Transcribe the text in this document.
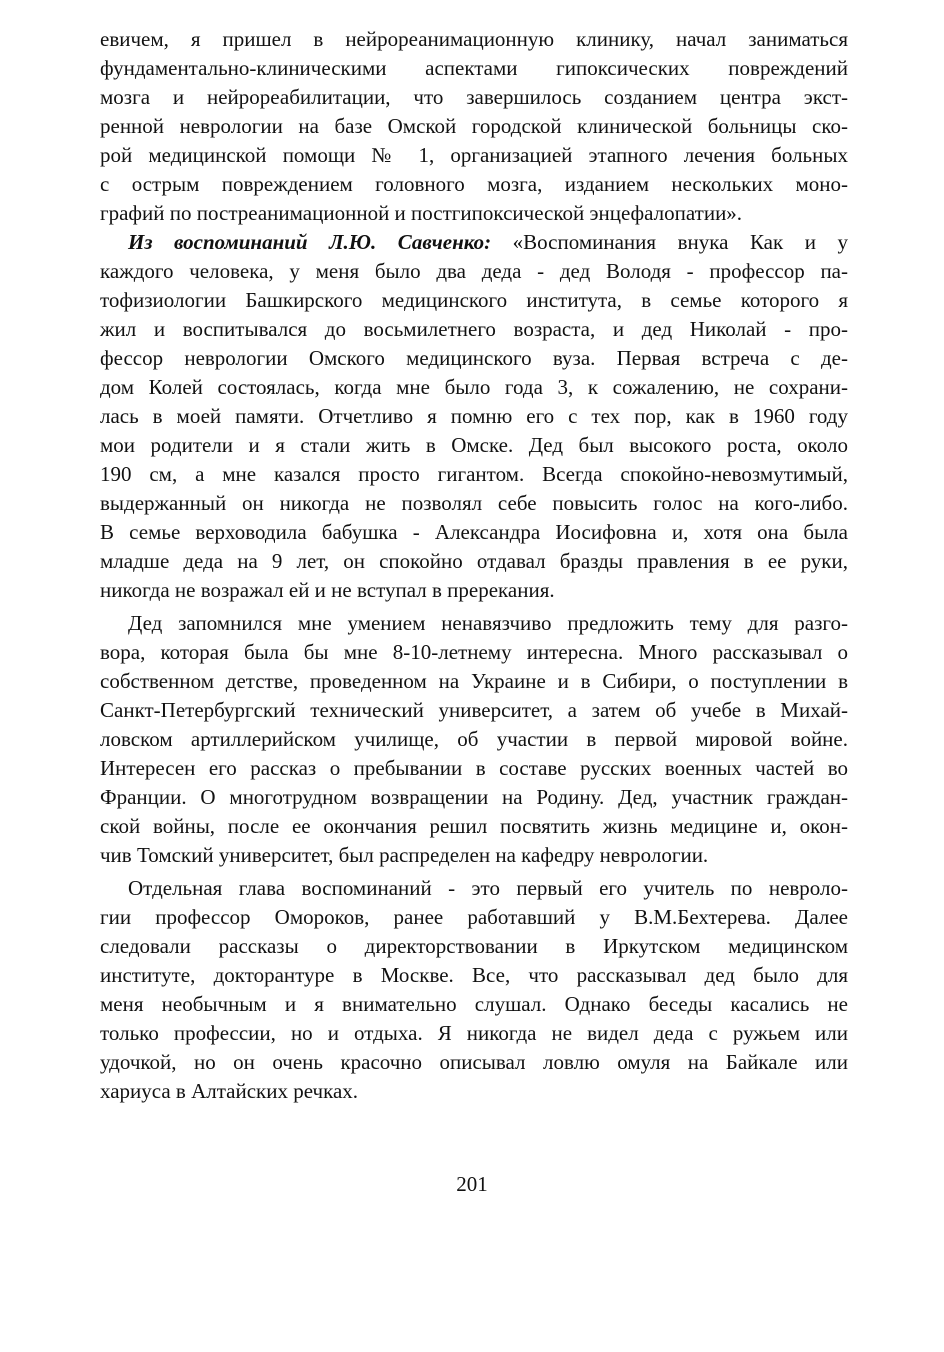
евичем, я пришел в нейрореанимационную клинику, начал заниматься
фундаментально-клиническими аспектами гипоксических повреждений
мозга и нейрореабилитации, что завершилось созданием центра экст-
ренной неврологии на базе Омской городской клинической больницы ско-
рой медицинской помощи № 1, организацией этапного лечения больных
с острым повреждением головного мозга, изданием нескольких моно-
графий по постреанимационной и постгипоксической энцефалопатии».
Из воспоминаний Л.Ю. Савченко: «Воспоминания внука Как и у
каждого человека, у меня было два деда - дед Володя - профессор па-
тофизиологии Башкирского медицинского института, в семье которого я
жил и воспитывался до восьмилетнего возраста, и дед Николай - про-
фессор неврологии Омского медицинского вуза. Первая встреча с де-
дом Колей состоялась, когда мне было года 3, к сожалению, не сохрани-
лась в моей памяти. Отчетливо я помню его с тех пор, как в 1960 году
мои родители и я стали жить в Омске. Дед был высокого роста, около
190 см, а мне казался просто гигантом. Всегда спокойно-невозмутимый,
выдержанный он никогда не позволял себе повысить голос на кого-либо.
В семье верховодила бабушка - Александра Иосифовна и, хотя она была
младше деда на 9 лет, он спокойно отдавал бразды правления в ее руки,
никогда не возражал ей и не вступал в пререкания.
Дед запомнился мне умением ненавязчиво предложить тему для разго-
вора, которая была бы мне 8-10-летнему интересна. Много рассказывал о
собственном детстве, проведенном на Украине и в Сибири, о поступлении в
Санкт-Петербургский технический университет, а затем об учебе в Михай-
ловском артиллерийском училище, об участии в первой мировой войне.
Интересен его рассказ о пребывании в составе русских военных частей во
Франции. О многотрудном возвращении на Родину. Дед, участник граждан-
ской войны, после ее окончания решил посвятить жизнь медицине и, окон-
чив Томский университет, был распределен на кафедру неврологии.
Отдельная глава воспоминаний - это первый его учитель по невроло-
гии профессор Омороков, ранее работавший у В.М.Бехтерева. Далее
следовали рассказы о директорствовании в Иркутском медицинском
институте, докторантуре в Москве. Все, что рассказывал дед было для
меня необычным и я внимательно слушал. Однако беседы касались не
только профессии, но и отдыха. Я никогда не видел деда с ружьем или
удочкой, но он очень красочно описывал ловлю омуля на Байкале или
хариуса в Алтайских речках.
201
